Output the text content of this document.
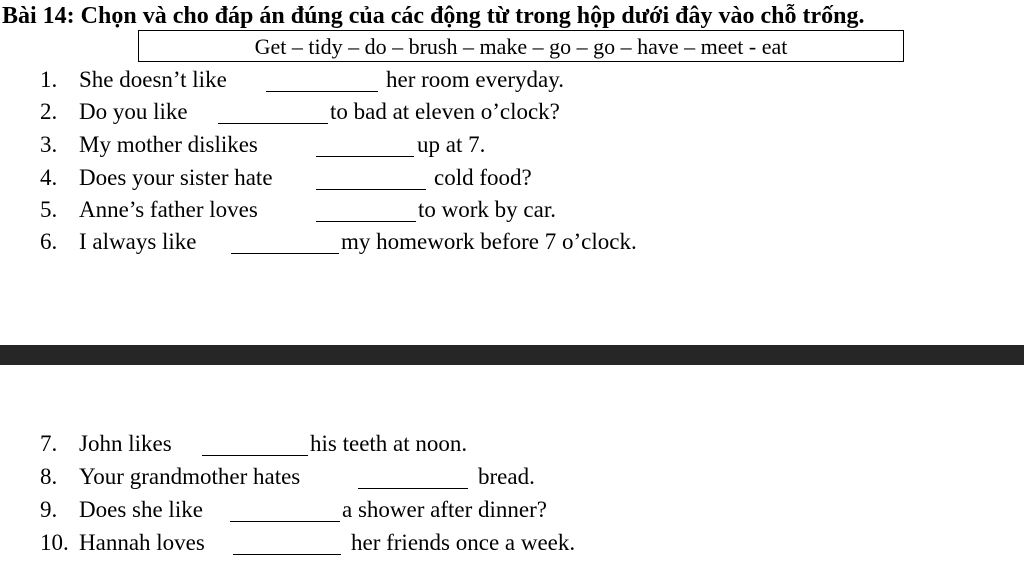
Bài 14: Chọn và cho đáp án đúng của các động từ trong hộp dưới đây vào chỗ trống.
Get – tidy – do – brush – make – go – go – have – meet - eat
1. She doesn’t like	her room everyday.
2. Do you like	to bad at eleven o’clock?
3. My mother dislikes	up at 7.
4. Does your sister hate	cold food?
5. Anne’s father loves	to work by car.
6. I always like	my homework before 7 o’clock.
7. John likes	his teeth at noon.
8. Your grandmother hates	bread.
9. Does she like	a shower after dinner?
10. Hannah loves	her friends once a week.
